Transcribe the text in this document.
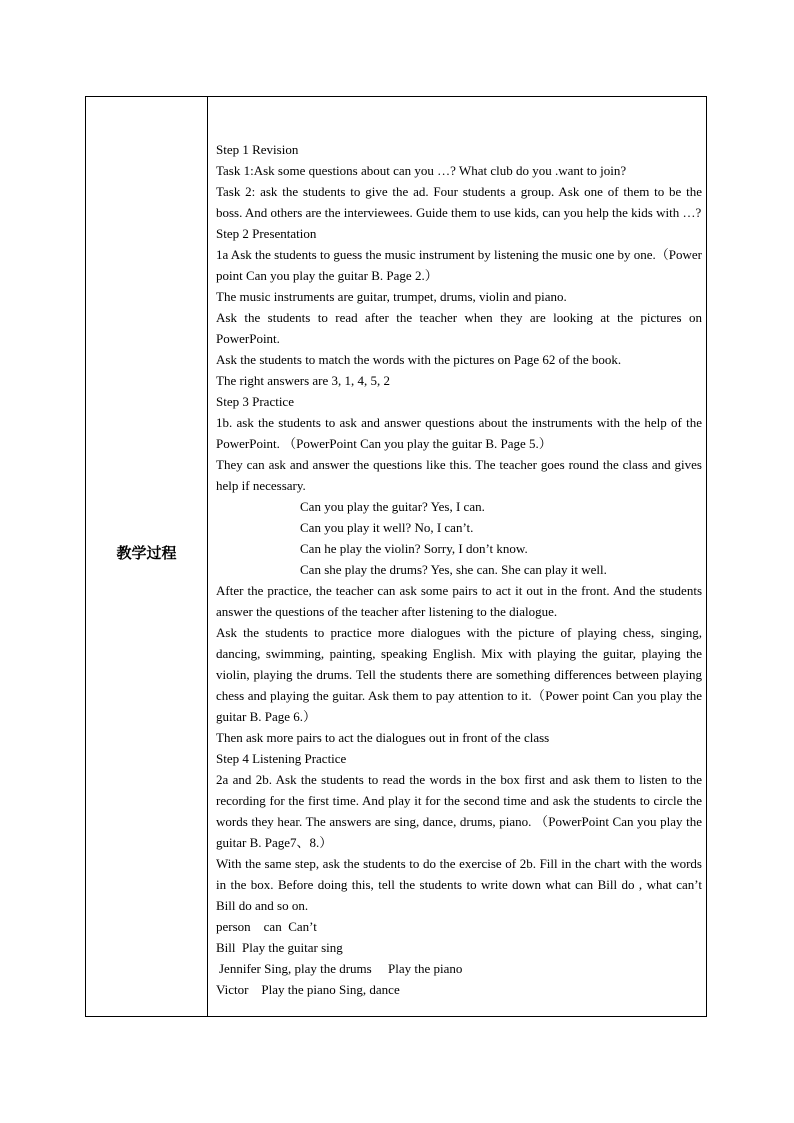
教学过程

Step 1 Revision

Task 1:Ask some questions about can you …? What club do you .want to join?

Task 2: ask the students to give the ad. Four students a group. Ask one of them to be the boss. And others are the interviewees. Guide them to use kids, can you help the kids with …?

Step 2 Presentation

1a Ask the students to guess the music instrument by listening the music one by one.（Power point Can you play the guitar B. Page 2.）

The music instruments are guitar, trumpet, drums, violin and piano.

Ask the students to read after the teacher when they are looking at the pictures on PowerPoint.

Ask the students to match the words with the pictures on Page 62 of the book.

The right answers are 3, 1, 4, 5, 2

Step 3 Practice

1b. ask the students to ask and answer questions about the instruments with the help of the PowerPoint. （PowerPoint Can you play the guitar B. Page 5.）

They can ask and answer the questions like this. The teacher goes round the class and gives help if necessary.

Can you play the guitar? Yes, I can.

Can you play it well? No, I can’t.

Can he play the violin? Sorry, I don’t know.

Can she play the drums? Yes, she can. She can play it well.

After the practice, the teacher can ask some pairs to act it out in the front. And the students answer the questions of the teacher after listening to the dialogue.

Ask the students to practice more dialogues with the picture of playing chess, singing, dancing, swimming, painting, speaking English. Mix with playing the guitar, playing the violin, playing the drums. Tell the students there are something differences between playing chess and playing the guitar. Ask them to pay attention to it.（Power point Can you play the guitar B. Page 6.）

Then ask more pairs to act the dialogues out in front of the class

Step 4 Listening Practice

2a and 2b. Ask the students to read the words in the box first and ask them to listen to the recording for the first time. And play it for the second time and ask the students to circle the words they hear. The answers are sing, dance, drums, piano. （PowerPoint Can you play the guitar B. Page7、8.）

With the same step, ask the students to do the exercise of 2b. Fill in the chart with the words in the box. Before doing this, tell the students to write down what can Bill do , what can’t Bill do and so on.

person    can  Can’t

Bill  Play the guitar sing

Jennifer Sing, play the drums     Play the piano

Victor    Play the piano Sing, dance
